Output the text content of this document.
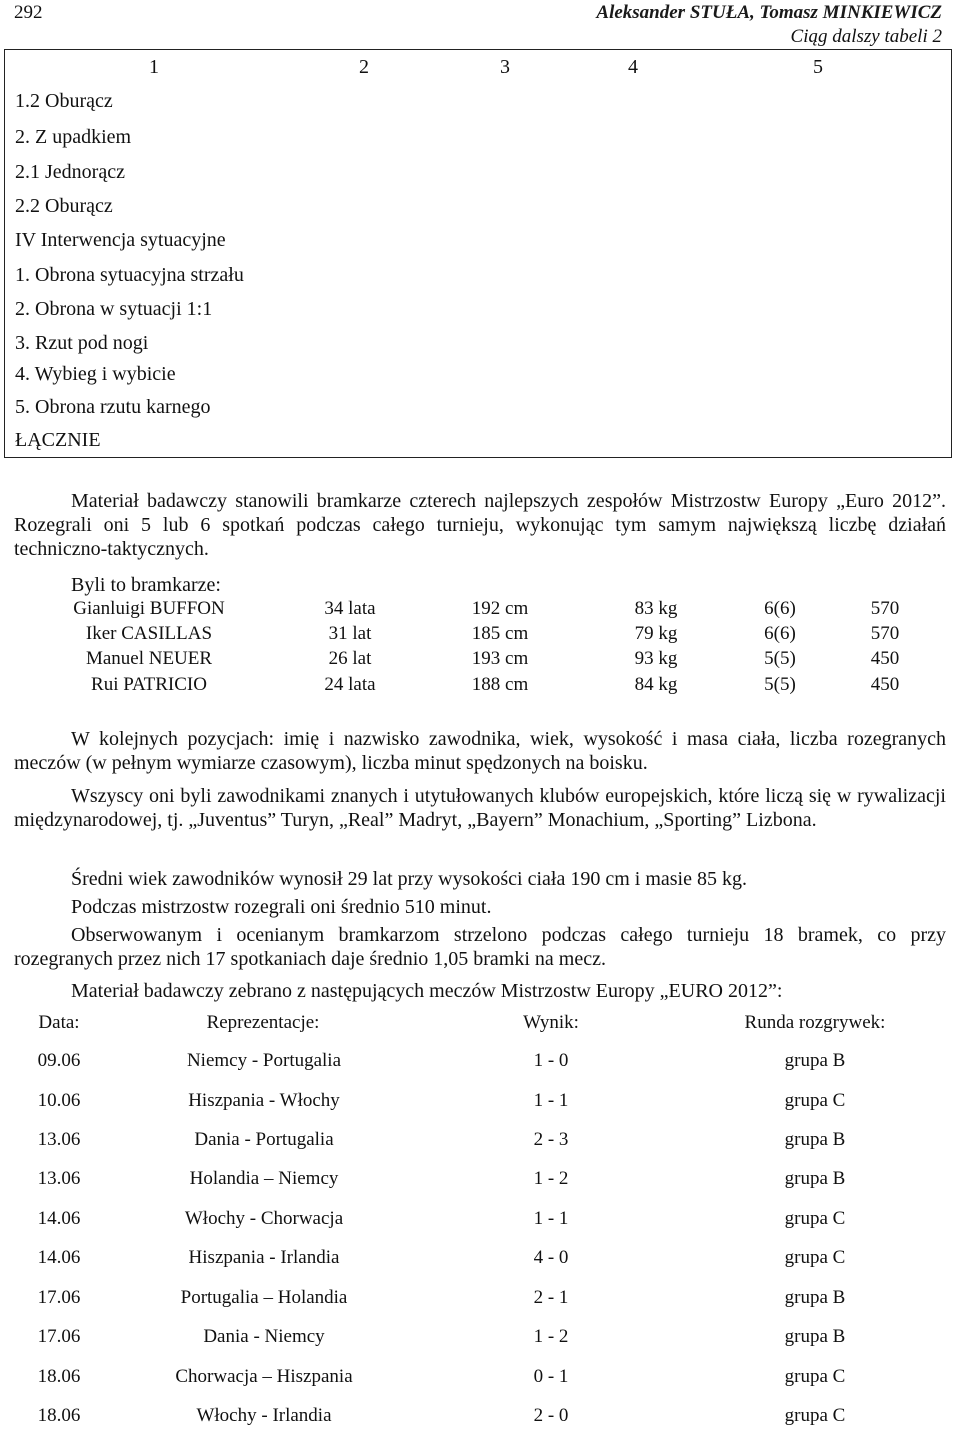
292	Aleksander STUŁA, Tomasz MINKIEWICZ
Ciąg dalszy tabeli 2
1	2	3	4	5
1.2 Oburącz
2. Z upadkiem
2.1 Jednorącz
2.2 Oburącz
IV Interwencja sytuacyjne
1. Obrona sytuacyjna strzału
2. Obrona w sytuacji 1:1
3. Rzut pod nogi
4. Wybieg i wybicie
5. Obrona rzutu karnego
ŁĄCZNIE
Materiał badawczy stanowili bramkarze czterech najlepszych zespołów Mistrzostw Europy „Euro 2012”. Rozegrali oni 5 lub 6 spotkań podczas całego turnieju, wykonując tym samym największą liczbę działań techniczno-taktycznych.
Byli to bramkarze:
Gianluigi BUFFON	34 lata	192 cm	83 kg	6(6)	570
Iker CASILLAS	31 lat	185 cm	79 kg	6(6)	570
Manuel NEUER	26 lat	193 cm	93 kg	5(5)	450
Rui PATRICIO	24 lata	188 cm	84 kg	5(5)	450
W kolejnych pozycjach: imię i nazwisko zawodnika, wiek, wysokość i masa ciała, liczba rozegranych meczów (w pełnym wymiarze czasowym), liczba minut spędzonych na boisku.
Wszyscy oni byli zawodnikami znanych i utytułowanych klubów europejskich, które liczą się w rywalizacji międzynarodowej, tj. „Juventus” Turyn, „Real” Madryt, „Bayern” Monachium, „Sporting” Lizbona.
Średni wiek zawodników wynosił 29 lat przy wysokości ciała 190 cm i masie 85 kg.
Podczas mistrzostw rozegrali oni średnio 510 minut.
Obserwowanym i ocenianym bramkarzom strzelono podczas całego turnieju 18 bramek, co przy rozegranych przez nich 17 spotkaniach daje średnio 1,05 bramki na mecz.
Materiał badawczy zebrano z następujących meczów Mistrzostw Europy „EURO 2012”:
Data:	Reprezentacje:	Wynik:	Runda rozgrywek:
09.06	Niemcy - Portugalia	1 - 0	grupa B
10.06	Hiszpania - Włochy	1 - 1	grupa C
13.06	Dania - Portugalia	2 - 3	grupa B
13.06	Holandia – Niemcy	1 - 2	grupa B
14.06	Włochy - Chorwacja	1 - 1	grupa C
14.06	Hiszpania - Irlandia	4 - 0	grupa C
17.06	Portugalia – Holandia	2 - 1	grupa B
17.06	Dania - Niemcy	1 - 2	grupa B
18.06	Chorwacja – Hiszpania	0 - 1	grupa C
18.06	Włochy - Irlandia	2 - 0	grupa C
